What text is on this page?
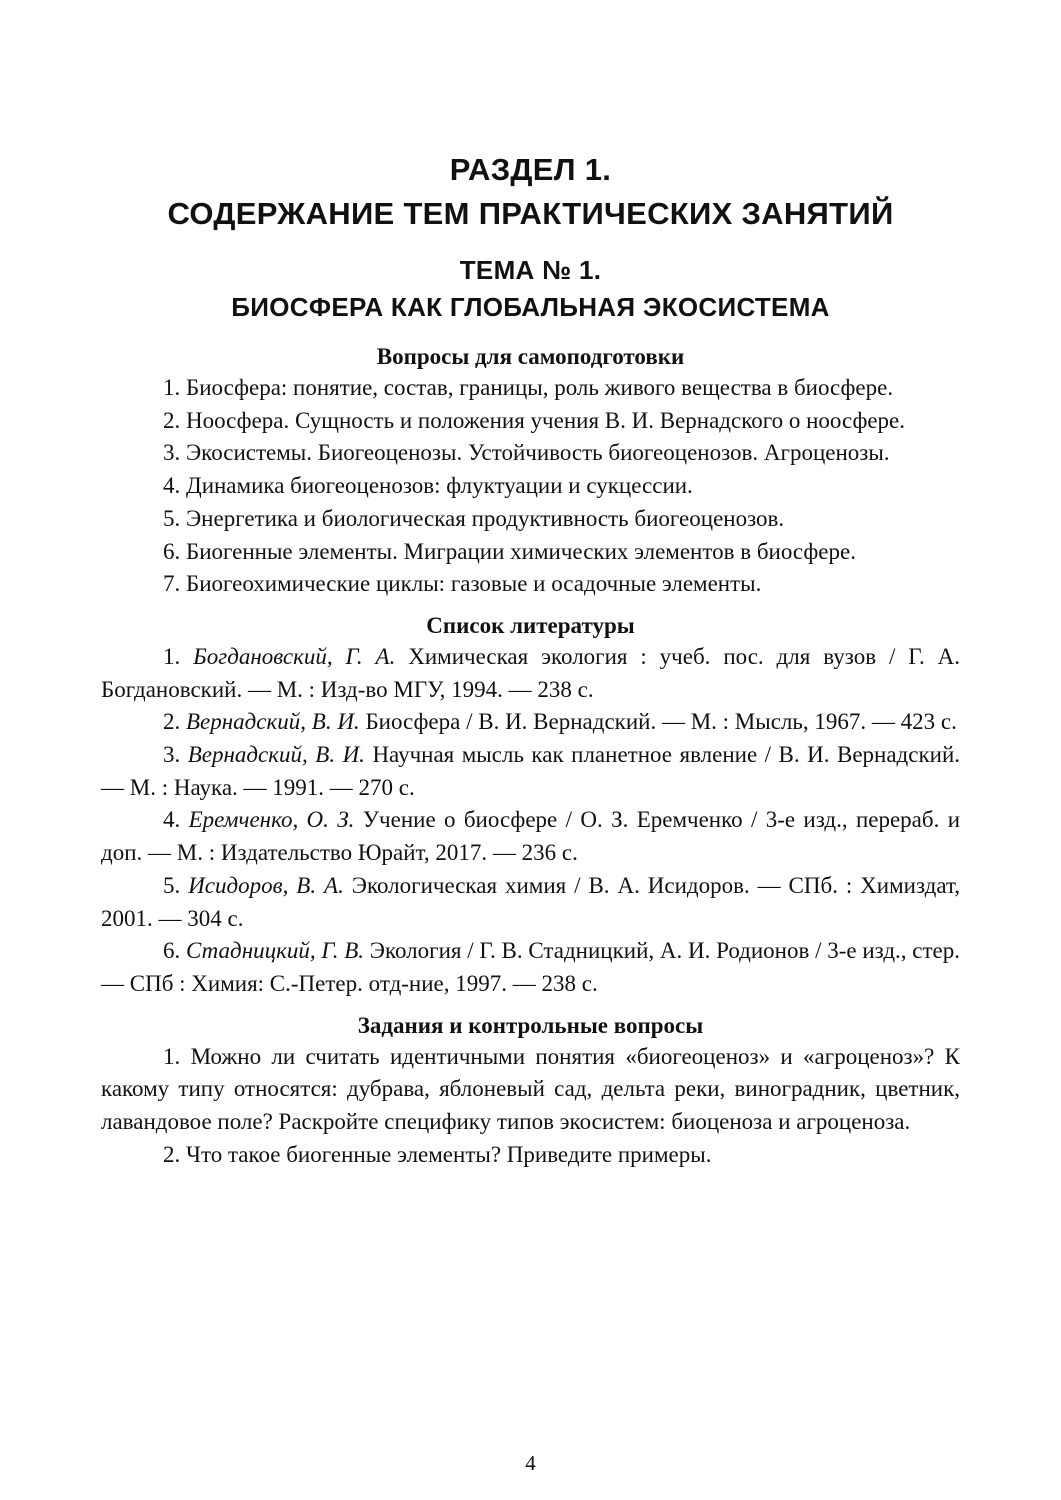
РАЗДЕЛ 1.
СОДЕРЖАНИЕ ТЕМ ПРАКТИЧЕСКИХ ЗАНЯТИЙ
ТЕМА № 1.
БИОСФЕРА КАК ГЛОБАЛЬНАЯ ЭКОСИСТЕМА
Вопросы для самоподготовки

1. Биосфера: понятие, состав, границы, роль живого вещества в биосфере.

2. Ноосфера. Сущность и положения учения В. И. Вернадского о ноосфере.

3. Экосистемы. Биогеоценозы. Устойчивость биогеоценозов. Агроценозы.

4. Динамика биогеоценозов: флуктуации и сукцессии.

5. Энергетика и биологическая продуктивность биогеоценозов.

6. Биогенные элементы. Миграции химических элементов в биосфере.

7. Биогеохимические циклы: газовые и осадочные элементы.

Список литературы

1. Богдановский, Г. А. Химическая экология : учеб. пос. для вузов / Г. А. Богдановский. — М. : Изд-во МГУ, 1994. — 238 с.

2. Вернадский, В. И. Биосфера / В. И. Вернадский. — М. : Мысль, 1967. — 423 с.

3. Вернадский, В. И. Научная мысль как планетное явление / В. И. Вернадский. — М. : Наука. — 1991. — 270 с.

4. Еремченко, О. З. Учение о биосфере / О. З. Еремченко / 3-е изд., перераб. и доп. — М. : Издательство Юрайт, 2017. — 236 с.

5. Исидоров, В. А. Экологическая химия / В. А. Исидоров. — СПб. : Химиздат, 2001. — 304 с.

6. Стадницкий, Г. В. Экология / Г. В. Стадницкий, А. И. Родионов / 3-е изд., стер. — СПб : Химия: С.-Петер. отд-ние, 1997. — 238 с.

Задания и контрольные вопросы

1. Можно ли считать идентичными понятия «биогеоценоз» и «агроценоз»? К какому типу относятся: дубрава, яблоневый сад, дельта реки, виноградник, цветник, лавандовое поле? Раскройте специфику типов экосистем: биоценоза и агроценоза.

2. Что такое биогенные элементы? Приведите примеры.

4
